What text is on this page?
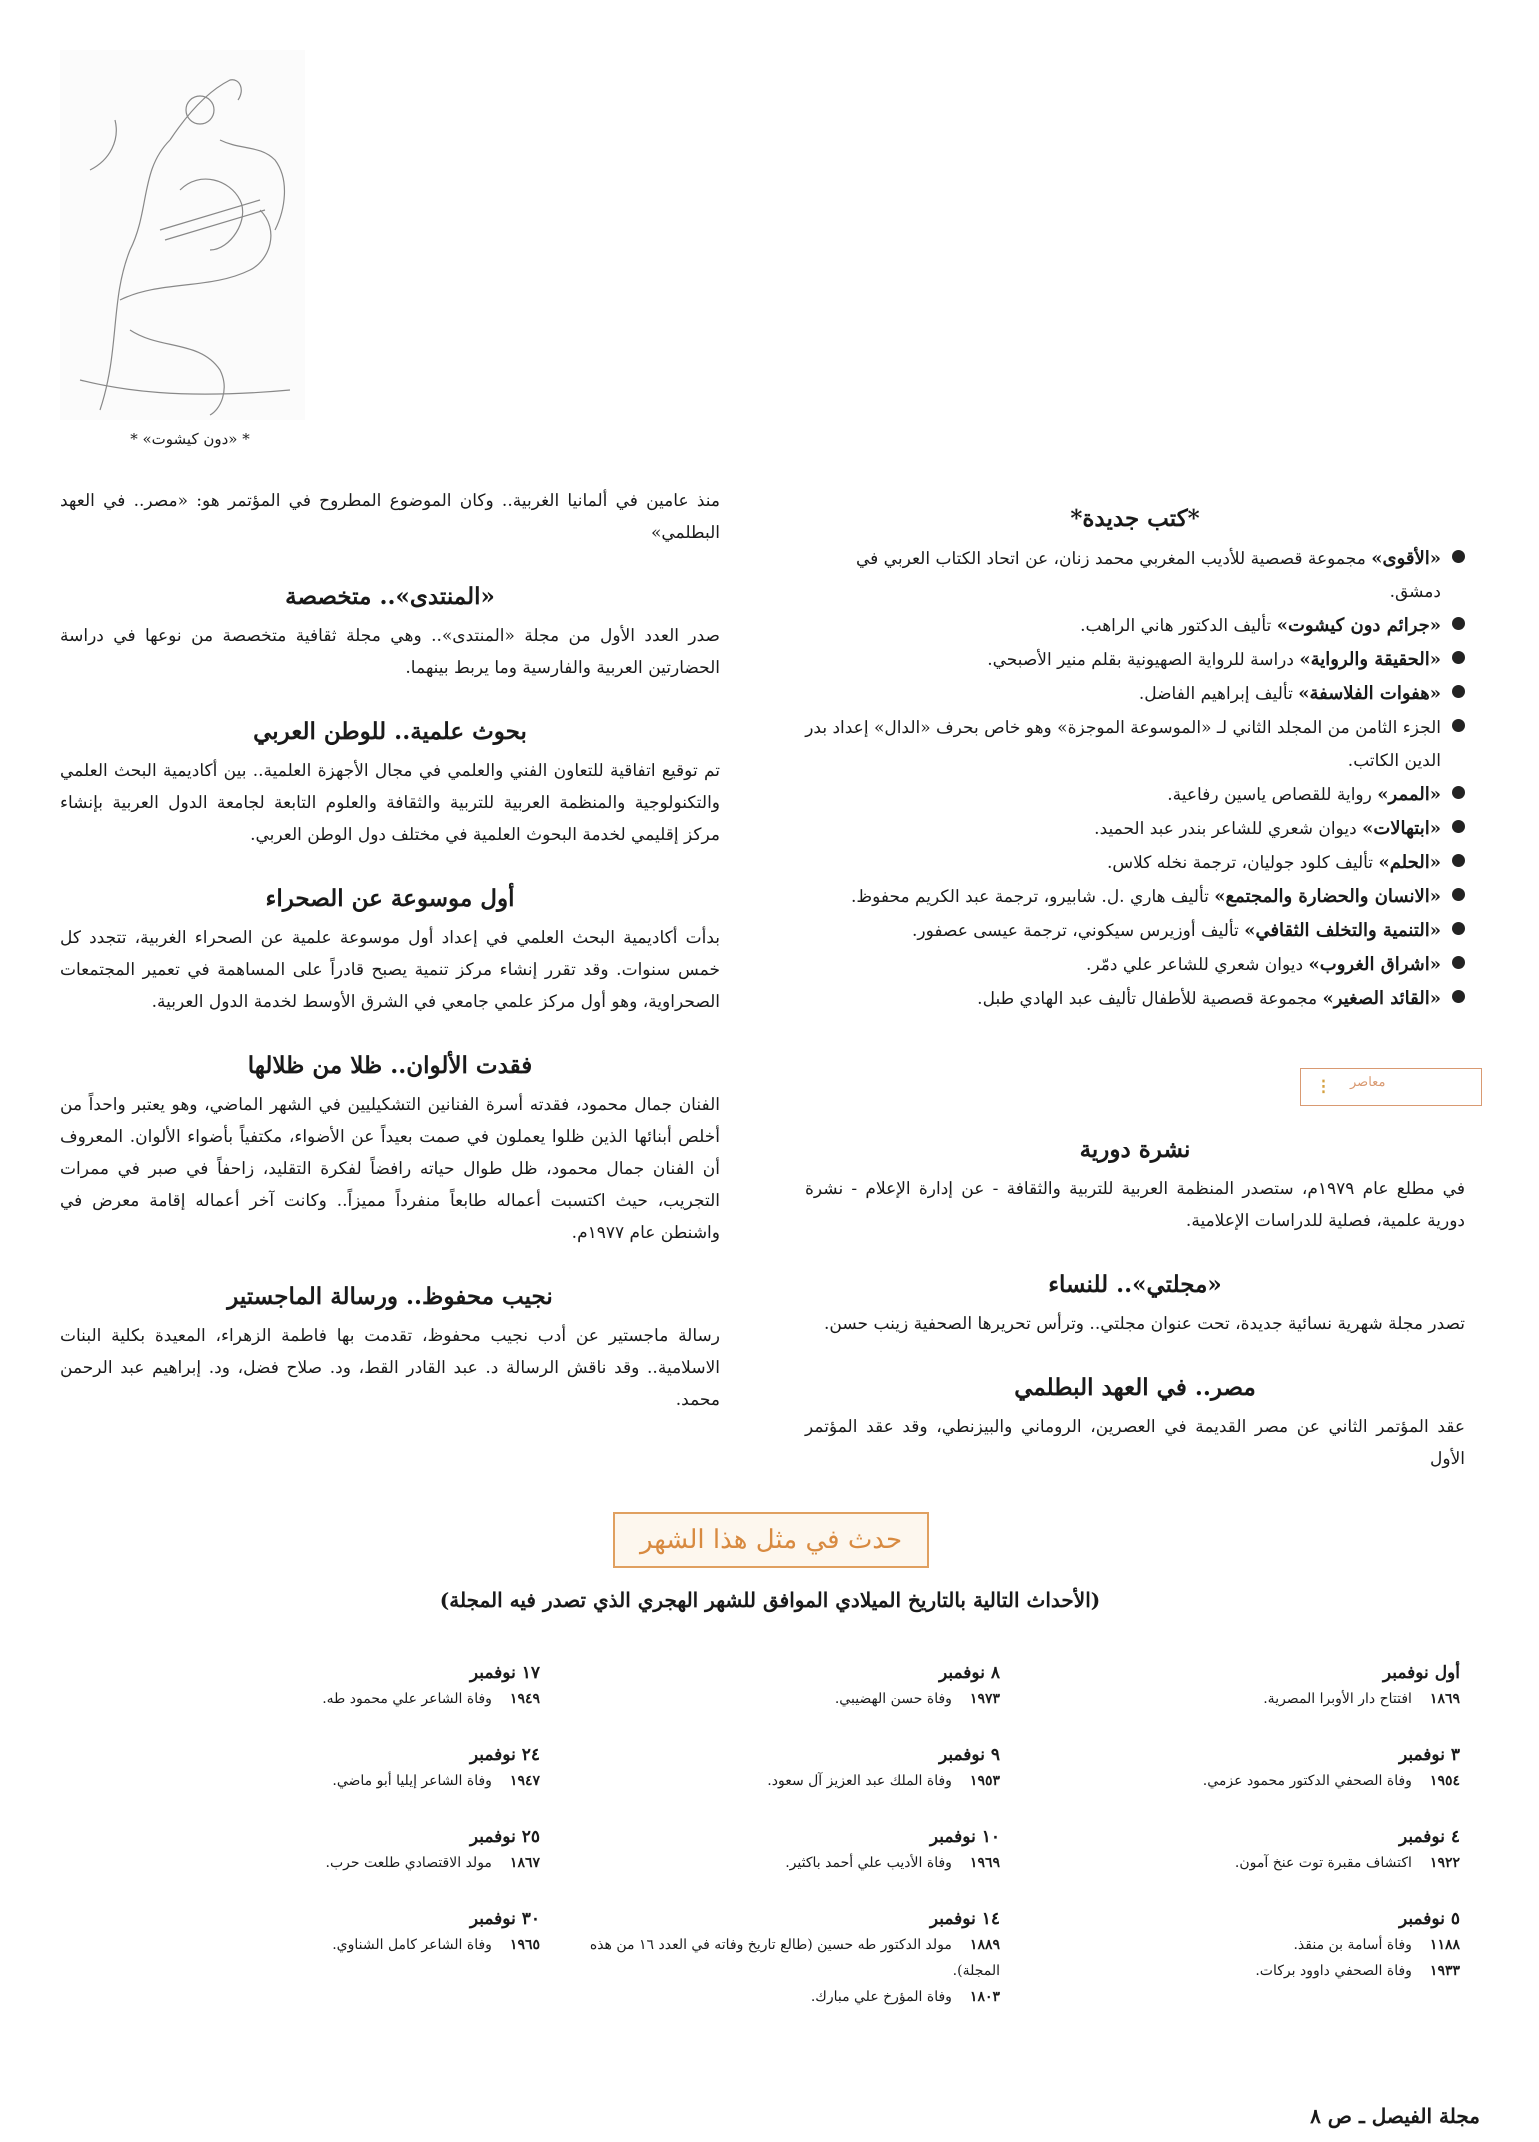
* «دون كيشوت» *
*كتب جديدة*
«الأقوى» مجموعة قصصية للأديب المغربي محمد زنان، عن اتحاد الكتاب العربي في دمشق.
«جرائم دون كيشوت» تأليف الدكتور هاني الراهب.
«الحقيقة والرواية» دراسة للرواية الصهيونية بقلم منير الأصبحي.
«هفوات الفلاسفة» تأليف إبراهيم الفاضل.
الجزء الثامن من المجلد الثاني لـ «الموسوعة الموجزة» وهو خاص بحرف «الدال» إعداد بدر الدين الكاتب.
«الممر» رواية للقصاص ياسين رفاعية.
«ابتهالات» ديوان شعري للشاعر بندر عبد الحميد.
«الحلم» تأليف كلود جوليان، ترجمة نخله كلاس.
«الانسان والحضارة والمجتمع» تأليف هاري .ل. شابيرو، ترجمة عبد الكريم محفوظ.
«التنمية والتخلف الثقافي» تأليف أوزيرس سيكوني، ترجمة عيسى عصفور.
«اشراق الغروب» ديوان شعري للشاعر علي دمّر.
«القائد الصغير» مجموعة قصصية للأطفال تأليف عبد الهادي طبل.
نشرة دورية

في مطلع عام ١٩٧٩م، ستصدر المنظمة العربية للتربية والثقافة - عن إدارة الإعلام - نشرة دورية علمية، فصلية للدراسات الإعلامية.

«مجلتي».. للنساء

تصدر مجلة شهرية نسائية جديدة، تحت عنوان مجلتي.. وترأس تحريرها الصحفية زينب حسن.

مصر.. في العهد البطلمي

عقد المؤتمر الثاني عن مصر القديمة في العصرين، الروماني والبيزنطي، وقد عقد المؤتمر الأول

⁝	معاصر

منذ عامين في ألمانيا الغربية.. وكان الموضوع المطروح في المؤتمر هو: «مصر.. في العهد البطلمي»

«المنتدى».. متخصصة

صدر العدد الأول من مجلة «المنتدى».. وهي مجلة ثقافية متخصصة من نوعها في دراسة الحضارتين العربية والفارسية وما يربط بينهما.

بحوث علمية.. للوطن العربي

تم توقيع اتفاقية للتعاون الفني والعلمي في مجال الأجهزة العلمية.. بين أكاديمية البحث العلمي والتكنولوجية والمنظمة العربية للتربية والثقافة والعلوم التابعة لجامعة الدول العربية بإنشاء مركز إقليمي لخدمة البحوث العلمية في مختلف دول الوطن العربي.

أول موسوعة عن الصحراء

بدأت أكاديمية البحث العلمي في إعداد أول موسوعة علمية عن الصحراء الغربية، تتجدد كل خمس سنوات. وقد تقرر إنشاء مركز تنمية يصبح قادراً على المساهمة في تعمير المجتمعات الصحراوية، وهو أول مركز علمي جامعي في الشرق الأوسط لخدمة الدول العربية.

فقدت الألوان.. ظلا من ظلالها

الفنان جمال محمود، فقدته أسرة الفنانين التشكيليين في الشهر الماضي، وهو يعتبر واحداً من أخلص أبنائها الذين ظلوا يعملون في صمت بعيداً عن الأضواء، مكتفياً بأضواء الألوان. المعروف أن الفنان جمال محمود، ظل طوال حياته رافضاً لفكرة التقليد، زاحفاً في صبر في ممرات التجريب، حيث اكتسبت أعماله طابعاً منفرداً مميزاً.. وكانت آخر أعماله إقامة معرض في واشنطن عام ١٩٧٧م.

نجيب محفوظ.. ورسالة الماجستير

رسالة ماجستير عن أدب نجيب محفوظ، تقدمت بها فاطمة الزهراء، المعيدة بكلية البنات الاسلامية.. وقد ناقش الرسالة د. عبد القادر القط، ود. صلاح فضل، ود. إبراهيم عبد الرحمن محمد.

حدث في مثل هذا الشهر
(الأحداث التالية بالتاريخ الميلادي الموافق للشهر الهجري الذي تصدر فيه المجلة)
أول نوفمبر
١٨٦٩افتتاح دار الأوبرا المصرية.
٣ نوفمبر
١٩٥٤وفاة الصحفي الدكتور محمود عزمي.
٤ نوفمبر
١٩٢٢اكتشاف مقبرة توت عنخ آمون.
٥ نوفمبر
١١٨٨وفاة أسامة بن منقذ.
١٩٣٣وفاة الصحفي داوود بركات.
٨ نوفمبر
١٩٧٣وفاة حسن الهضيبي.
٩ نوفمبر
١٩٥٣وفاة الملك عبد العزيز آل سعود.
١٠ نوفمبر
١٩٦٩وفاة الأديب علي أحمد باكثير.
١٤ نوفمبر
١٨٨٩مولد الدكتور طه حسين (طالع تاريخ وفاته في العدد ١٦ من هذه المجلة).
١٨٠٣وفاة المؤرخ علي مبارك.
١٧ نوفمبر
١٩٤٩وفاة الشاعر علي محمود طه.
٢٤ نوفمبر
١٩٤٧وفاة الشاعر إيليا أبو ماضي.
٢٥ نوفمبر
١٨٦٧مولد الاقتصادي طلعت حرب.
٣٠ نوفمبر
١٩٦٥وفاة الشاعر كامل الشناوي.
مجلة الفيصل ـ ص ٨
